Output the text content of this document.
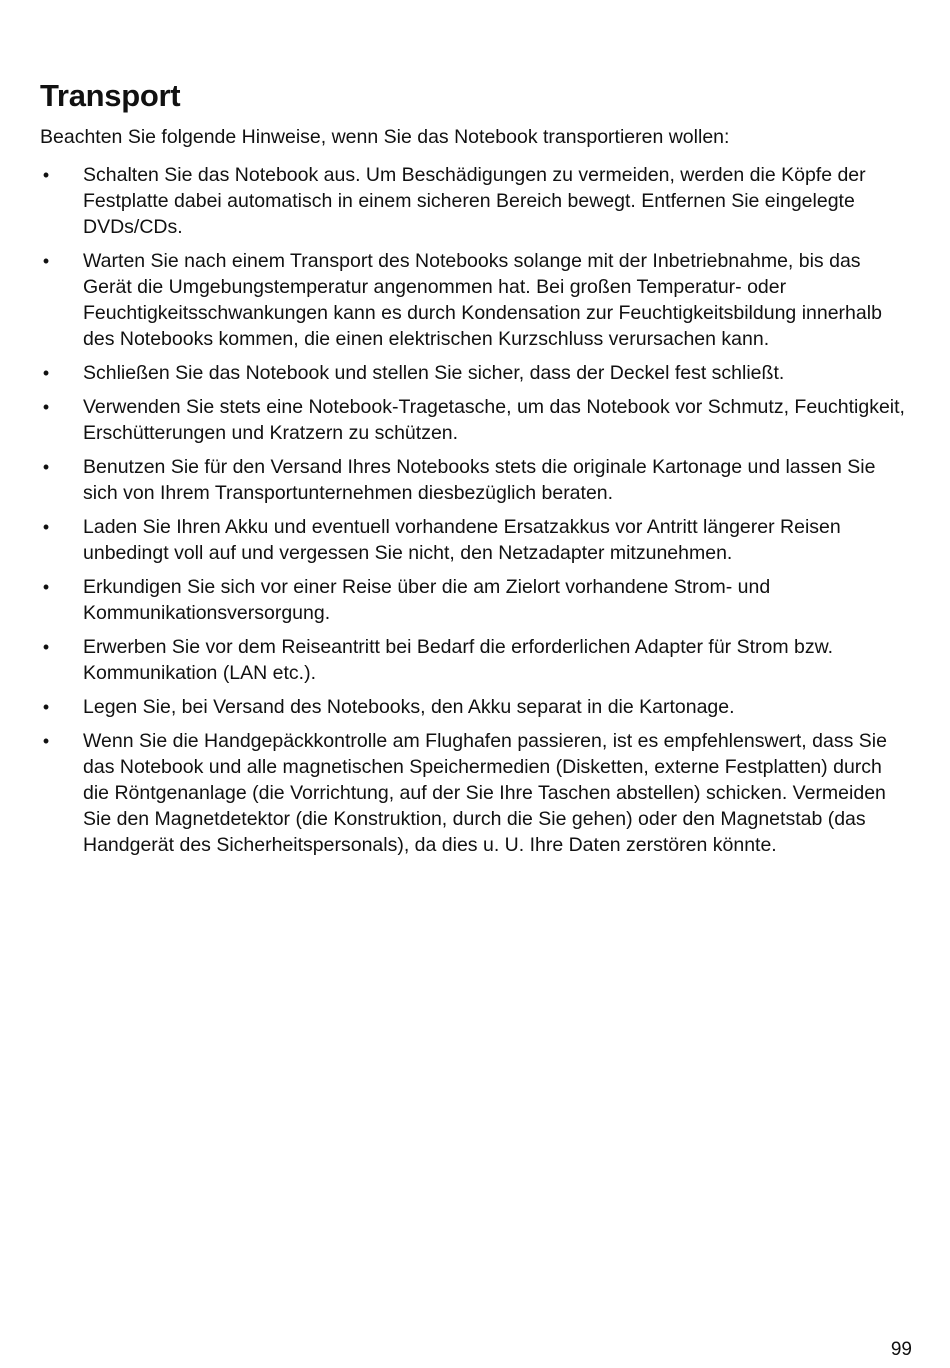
Transport

Beachten Sie folgende Hinweise, wenn Sie das Notebook transportieren wollen:

• Schalten Sie das Notebook aus. Um Beschädigungen zu vermeiden, werden die Köpfe der Festplatte dabei automatisch in einem sicheren Bereich bewegt. Entfernen Sie eingelegte DVDs/CDs.
• Warten Sie nach einem Transport des Notebooks solange mit der Inbetriebnahme, bis das Gerät die Umgebungstemperatur angenommen hat. Bei großen Temperatur- oder Feuchtigkeitsschwankungen kann es durch Kondensation zur Feuchtigkeitsbildung innerhalb des Notebooks kommen, die einen elektrischen Kurzschluss verursachen kann.
• Schließen Sie das Notebook und stellen Sie sicher, dass der Deckel fest schließt.
• Verwenden Sie stets eine Notebook-Tragetasche, um das Notebook vor Schmutz, Feuchtigkeit, Erschütterungen und Kratzern zu schützen.
• Benutzen Sie für den Versand Ihres Notebooks stets die originale Kartonage und lassen Sie sich von Ihrem Transportunternehmen diesbezüglich beraten.
• Laden Sie Ihren Akku und eventuell vorhandene Ersatzakkus vor Antritt längerer Reisen unbedingt voll auf und vergessen Sie nicht, den Netzadapter mitzunehmen.
• Erkundigen Sie sich vor einer Reise über die am Zielort vorhandene Strom- und Kommunikationsversorgung.
• Erwerben Sie vor dem Reiseantritt bei Bedarf die erforderlichen Adapter für Strom bzw. Kommunikation (LAN etc.).
• Legen Sie, bei Versand des Notebooks, den Akku separat in die Kartonage.
• Wenn Sie die Handgepäckkontrolle am Flughafen passieren, ist es empfehlenswert, dass Sie das Notebook und alle magnetischen Speichermedien (Disketten, externe Festplatten) durch die Röntgenanlage (die Vorrichtung, auf der Sie Ihre Taschen abstellen) schicken. Vermeiden Sie den Magnetdetektor (die Konstruktion, durch die Sie gehen) oder den Magnetstab (das Handgerät des Sicherheitspersonals), da dies u. U. Ihre Daten zerstören könnte.
99
